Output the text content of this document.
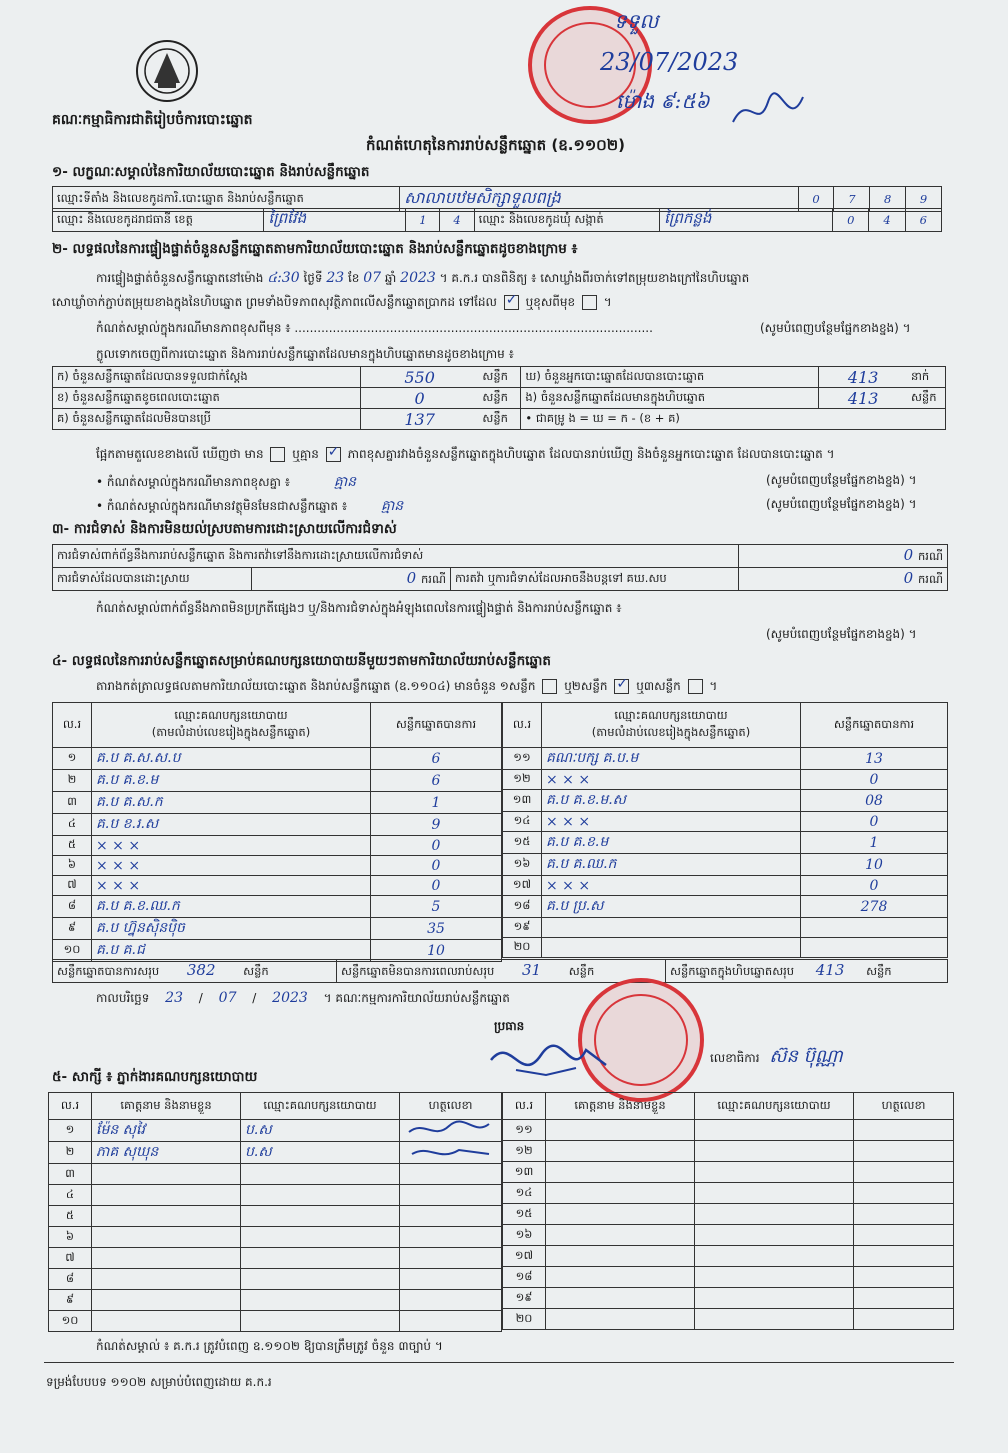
គណៈកម្មាធិការជាតិរៀបចំការបោះឆ្នោត
កំណត់ហេតុនៃការរាប់សន្លឹកឆ្នោត (ឧ.១១០២)
ទទួល
23/07/2023
ម៉ោង ៩:៥៦
១- លក្ខណៈសម្គាល់នៃការិយាល័យបោះឆ្នោត និងរាប់សន្លឹកឆ្នោត
ឈ្មោះទីតាំង និងលេខកូដការិ.បោះឆ្នោត និងរាប់សន្លឹកឆ្នោត	សាលាបឋមសិក្សាទួលពង្រ	0	7	8	9
ឈ្មោះ និងលេខកូដរាជធានី ខេត្ត	ព្រៃវែង	1	4	ឈ្មោះ និងលេខកូដឃុំ សង្កាត់	ព្រៃកន្លង់	0	4	6
២- លទ្ធផលនៃការផ្ទៀងផ្ទាត់ចំនួនសន្លឹកឆ្នោតតាមការិយាល័យបោះឆ្នោត និងរាប់សន្លឹកឆ្នោតដូចខាងក្រោម ៖
ការផ្ទៀងផ្ទាត់ចំនួនសន្លឹកឆ្នោតនៅម៉ោង ៤:30 ថ្ងៃទី 23 ខែ 07 ឆ្នាំ 2023 ។ គ.ក.រ បានពិនិត្យ ៖ សោឃ្លាំងពីរចាក់ទៅតម្រុយខាងក្រៅនៃហិបឆ្នោត
សោឃ្លាំចាក់ភ្ជាប់តម្រុយខាងក្នុងនៃហិបឆ្នោត ព្រមទាំងបិទភាពសុវត្ថិភាពលើសន្លឹកឆ្នោតប្រាកដ ទៅដែល ✓ ឬខុសពីមុខ  ។
កំណត់សម្គាល់ក្នុងករណីមានភាពខុសពីមុន ៖ ..............................................................................................	(សូមបំពេញបន្ថែមផ្នែកខាងខ្នង) ។
ក្លូលទោកចេញពីការបោះឆ្នោត និងការរាប់សន្លឹកឆ្នោតដែលមានក្នុងហិបឆ្នោតមានដូចខាងក្រោម ៖
ក) ចំនួនសន្លឹកឆ្នោតដែលបានទទួលជាក់ស្តែង	550	សន្លឹក	ឃ) ចំនួនអ្នកបោះឆ្នោតដែលបានបោះឆ្នោត	413	នាក់
ខ) ចំនួនសន្លឹកឆ្នោតខូចពេលបោះឆ្នោត	0	សន្លឹក	ង) ចំនួនសន្លឹកឆ្នោតដែលមានក្នុងហិបឆ្នោត	413	សន្លឹក
គ) ចំនួនសន្លឹកឆ្នោតដែលមិនបានប្រើ	137	សន្លឹក	• ជាគម្រូ ង = ឃ = ក - (ខ + គ)		
ផ្អែកតាមតួលេខខាងលើ ឃើញថា មាន ឬគ្មាន ✓ ភាពខុសគ្នារវាងចំនួនសន្លឹកឆ្នោតក្នុងហិបឆ្នោត ដែលបានរាប់ឃើញ និងចំនួនអ្នកបោះឆ្នោត ដែលបានបោះឆ្នោត ។
• កំណត់សម្គាល់ក្នុងករណីមានភាពខុសគ្នា ៖	គ្មាន	(សូមបំពេញបន្ថែមផ្នែកខាងខ្នង) ។
• កំណត់សម្គាល់ក្នុងករណីមានវត្ថុមិនមែនជាសន្លឹកឆ្នោត ៖ គ្មាន	(សូមបំពេញបន្ថែមផ្នែកខាងខ្នង) ។
៣- ការជំទាស់ និងការមិនយល់ស្របតាមការដោះស្រាយលើការជំទាស់
ការជំទាស់ពាក់ព័ន្ធនឹងការរាប់សន្លឹកឆ្នោត និងការតវ៉ាទៅនឹងការដោះស្រាយលើការជំទាស់			0 ករណី
ការជំទាស់ដែលបានដោះស្រាយ	0 ករណី	ការតវ៉ា ឬការជំទាស់ដែលអាចនឹងបន្តទៅ គឃ.សប	0 ករណី
កំណត់សម្គាល់ពាក់ព័ន្ធនឹងភាពមិនប្រក្រតីផ្សេងៗ ឬ/និងការជំទាស់ក្នុងអំឡុងពេលនៃការផ្ទៀងផ្ទាត់ និងការរាប់សន្លឹកឆ្នោត ៖
(សូមបំពេញបន្ថែមផ្នែកខាងខ្នង) ។
៤- លទ្ធផលនៃការរាប់សន្លឹកឆ្នោតសម្រាប់គណបក្សនយោបាយនីមួយៗតាមការិយាល័យរាប់សន្លឹកឆ្នោត
តារាងកត់ត្រាលទ្ធផលតាមការិយាល័យបោះឆ្នោត និងរាប់សន្លឹកឆ្នោត (ឧ.១១០៤) មានចំនួន ១សន្លឹក ឬ២សន្លឹក ✓ ឬ៣សន្លឹក  ។
ល.រ	ឈ្មោះគណបក្សនយោបាយ
(តាមលំដាប់លេខរៀងក្នុងសន្លឹកឆ្នោត)	សន្លឹកឆ្នោតបានការ
១	គ.ប គ.ស.ស.ប	6
២	គ.ប គ.ខ.ម	6
៣	គ.ប គ.ស.ក	1
៤	គ.ប ខ.រ.ស	9
៥	× × ×	0
៦	× × ×	0
៧	× × ×	0
៨	គ.ប គ.ខ.ឈ.ក	5
៩	គ.ប ហ្វ៊ុនស៊ិនប៉ិច	35
១០	គ.ប គ.ជ	10
ល.រ	ឈ្មោះគណបក្សនយោបាយ
(តាមលំដាប់លេខរៀងក្នុងសន្លឹកឆ្នោត)	សន្លឹកឆ្នោតបានការ
១១	គណៈបក្ស គ.ប.ម	13
១២	× × ×	0
១៣	គ.ប គ.ខ.ម.ស	08
១៤	× × ×	0
១៥	គ.ប គ.ខ.ម	1
១៦	គ.ប គ.ឈ.ក	10
១៧	× × ×	0
១៨	គ.ប ប្រ.ស	278
១៩		
២០		
សន្លឹកឆ្នោតបានការសរុប 382 សន្លឹក	សន្លឹកឆ្នោតមិនបានការពេលរាប់សរុប 31 សន្លឹក	សន្លឹកឆ្នោតក្នុងហិបឆ្នោតសរុប 413 សន្លឹក
កាលបរិច្ឆេទ 23 / 07 / 2023 ។ គណៈកម្មការការិយាល័យរាប់សន្លឹកឆ្នោត
ប្រធាន
លេខាធិការ ស៊ន ប៊ុណ្ណា
៥- សាក្សី ៖ ភ្នាក់ងារគណបក្សនយោបាយ
ល.រ	គោត្តនាម និងនាមខ្លួន	ឈ្មោះគណបក្សនយោបាយ	ហត្ថលេខា
១	ម៉ែន សុវៃ	ប.ស	
២	ភាគ សុឃុន	ប.ស	
៣			
៤			
៥			
៦			
៧			
៨			
៩			
១០			
ល.រ	គោត្តនាម និងនាមខ្លួន	ឈ្មោះគណបក្សនយោបាយ	ហត្ថលេខា
១១			
១២			
១៣			
១៤			
១៥			
១៦			
១៧			
១៨			
១៩			
២០			
កំណត់សម្គាល់ ៖ គ.ក.រ ត្រូវបំពេញ ឧ.១១០២ ឱ្យបានត្រឹមត្រូវ ចំនួន ៣ច្បាប់ ។
ទម្រង់បែបបទ ១១០២ សម្រាប់បំពេញដោយ គ.ក.រ
